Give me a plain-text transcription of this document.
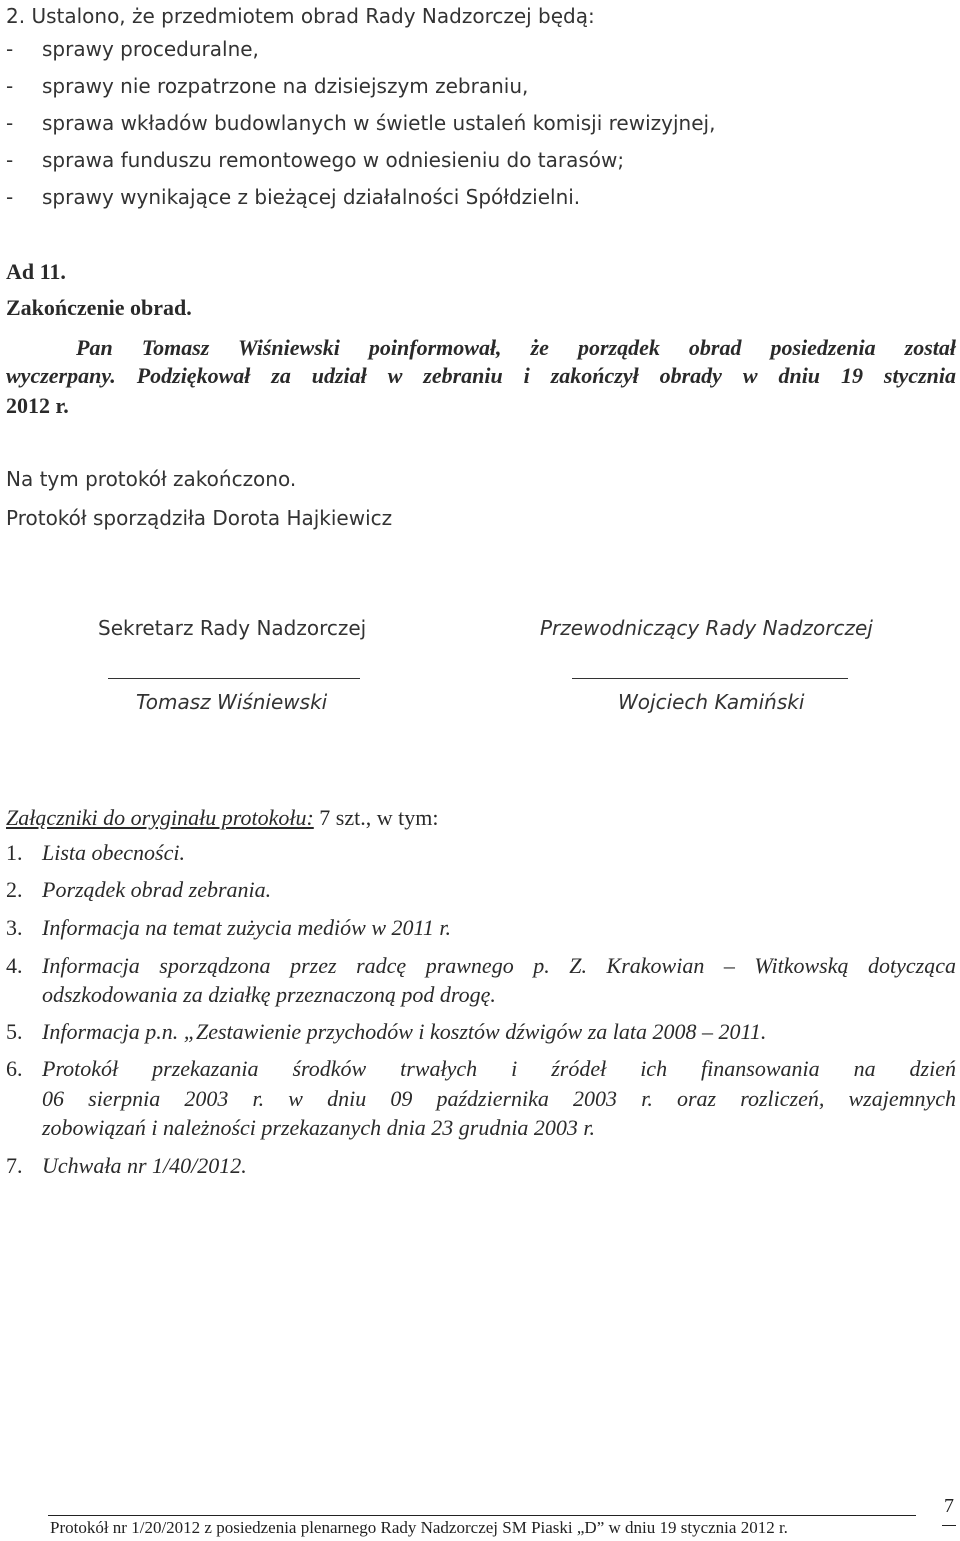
2. Ustalono, że przedmiotem obrad Rady Nadzorczej będą:
- sprawy proceduralne,
- sprawy nie rozpatrzone na dzisiejszym zebraniu,
- sprawa wkładów budowlanych w świetle ustaleń komisji rewizyjnej,
- sprawa funduszu remontowego w odniesieniu do tarasów;
- sprawy wynikające z bieżącej działalności Spółdzielni.
Ad 11.
Zakończenie obrad.
Pan Tomasz Wiśniewski poinformował, że porządek obrad posiedzenia został
wyczerpany. Podziękował za udział w zebraniu i zakończył obrady w dniu 19 stycznia
2012 r.
Na tym protokół zakończono.
Protokół sporządziła Dorota Hajkiewicz
Sekretarz Rady Nadzorczej
Tomasz Wiśniewski
Przewodniczący Rady Nadzorczej
Wojciech Kamiński
Załączniki do oryginału protokołu: 7 szt., w tym:
1. Lista obecności.
2. Porządek obrad zebrania.
3. Informacja na temat zużycia mediów w 2011 r.
4. Informacja sporządzona przez radcę prawnego p. Z. Krakowian – Witkowską dotycząca
odszkodowania za działkę przeznaczoną pod drogę.
5. Informacja p.n. „Zestawienie przychodów i kosztów dźwigów za lata 2008 – 2011.
6. Protokół przekazania środków trwałych i źródeł ich finansowania na dzień
06 sierpnia 2003 r. w dniu 09 października 2003 r. oraz rozliczeń, wzajemnych
zobowiązań i należności przekazanych dnia 23 grudnia 2003 r.
7. Uchwała nr 1/40/2012.
Protokół nr 1/20/2012 z posiedzenia plenarnego Rady Nadzorczej SM Piaski „D” w dniu 19 stycznia 2012 r.
7
